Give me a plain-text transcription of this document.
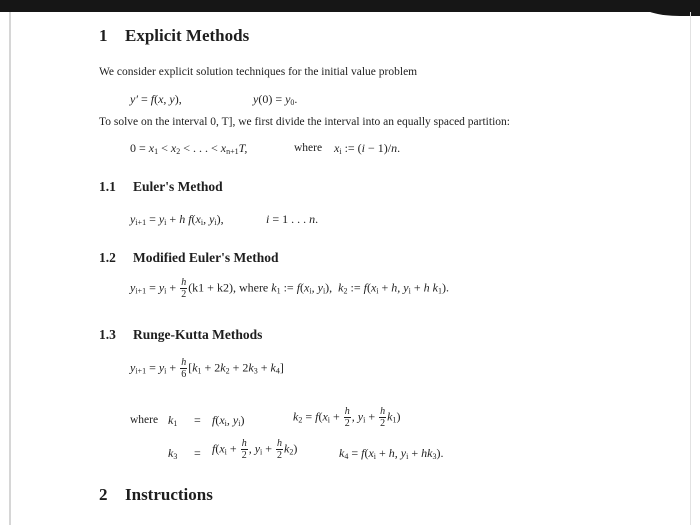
1 Explicit Methods
We consider explicit solution techniques for the initial value problem
y′ = f(x, y),	$y(0) = y_0$.
To solve on the interval 0, T], we first divide the interval into an equally spaced partition:
$0 = x_1 < x_2$ < . . . < $x_{n+1}T$,	where $x_i$ := (i − 1)/n.
1.1 Euler's Method
$y_{i+1} = y_i + h$ $f(x_i$, $y_i$),	i = 1 . . . n.
1.2 Modified Euler's Method
$y_{i+1} = y_i + \frac{h}{2} (k1 + k2)$, where $k_1$ := $f(x_i$, $y_i$),  $k_2$ := $f(x_i + h$, $y_i + h$ $k_1$).
1.3 Runge-Kutta Methods
$y_{i+1} = y_i + \frac{h}{6} [k_1 + 2k_2 + 2k_3 + k_4]$
where $k_1 = f(x_i$, $y_i$)	$k_2 = f(x_i + \frac{h}{2}$ , $y_i + \frac{h}{2} k_1$)
$k_3 = f(x_i + \frac{h}{2}$ , $y_i + \frac{h}{2} k_2$)	$k_4 = f(x_i + h$, $y_i + hk_3$).
2 Instructions
